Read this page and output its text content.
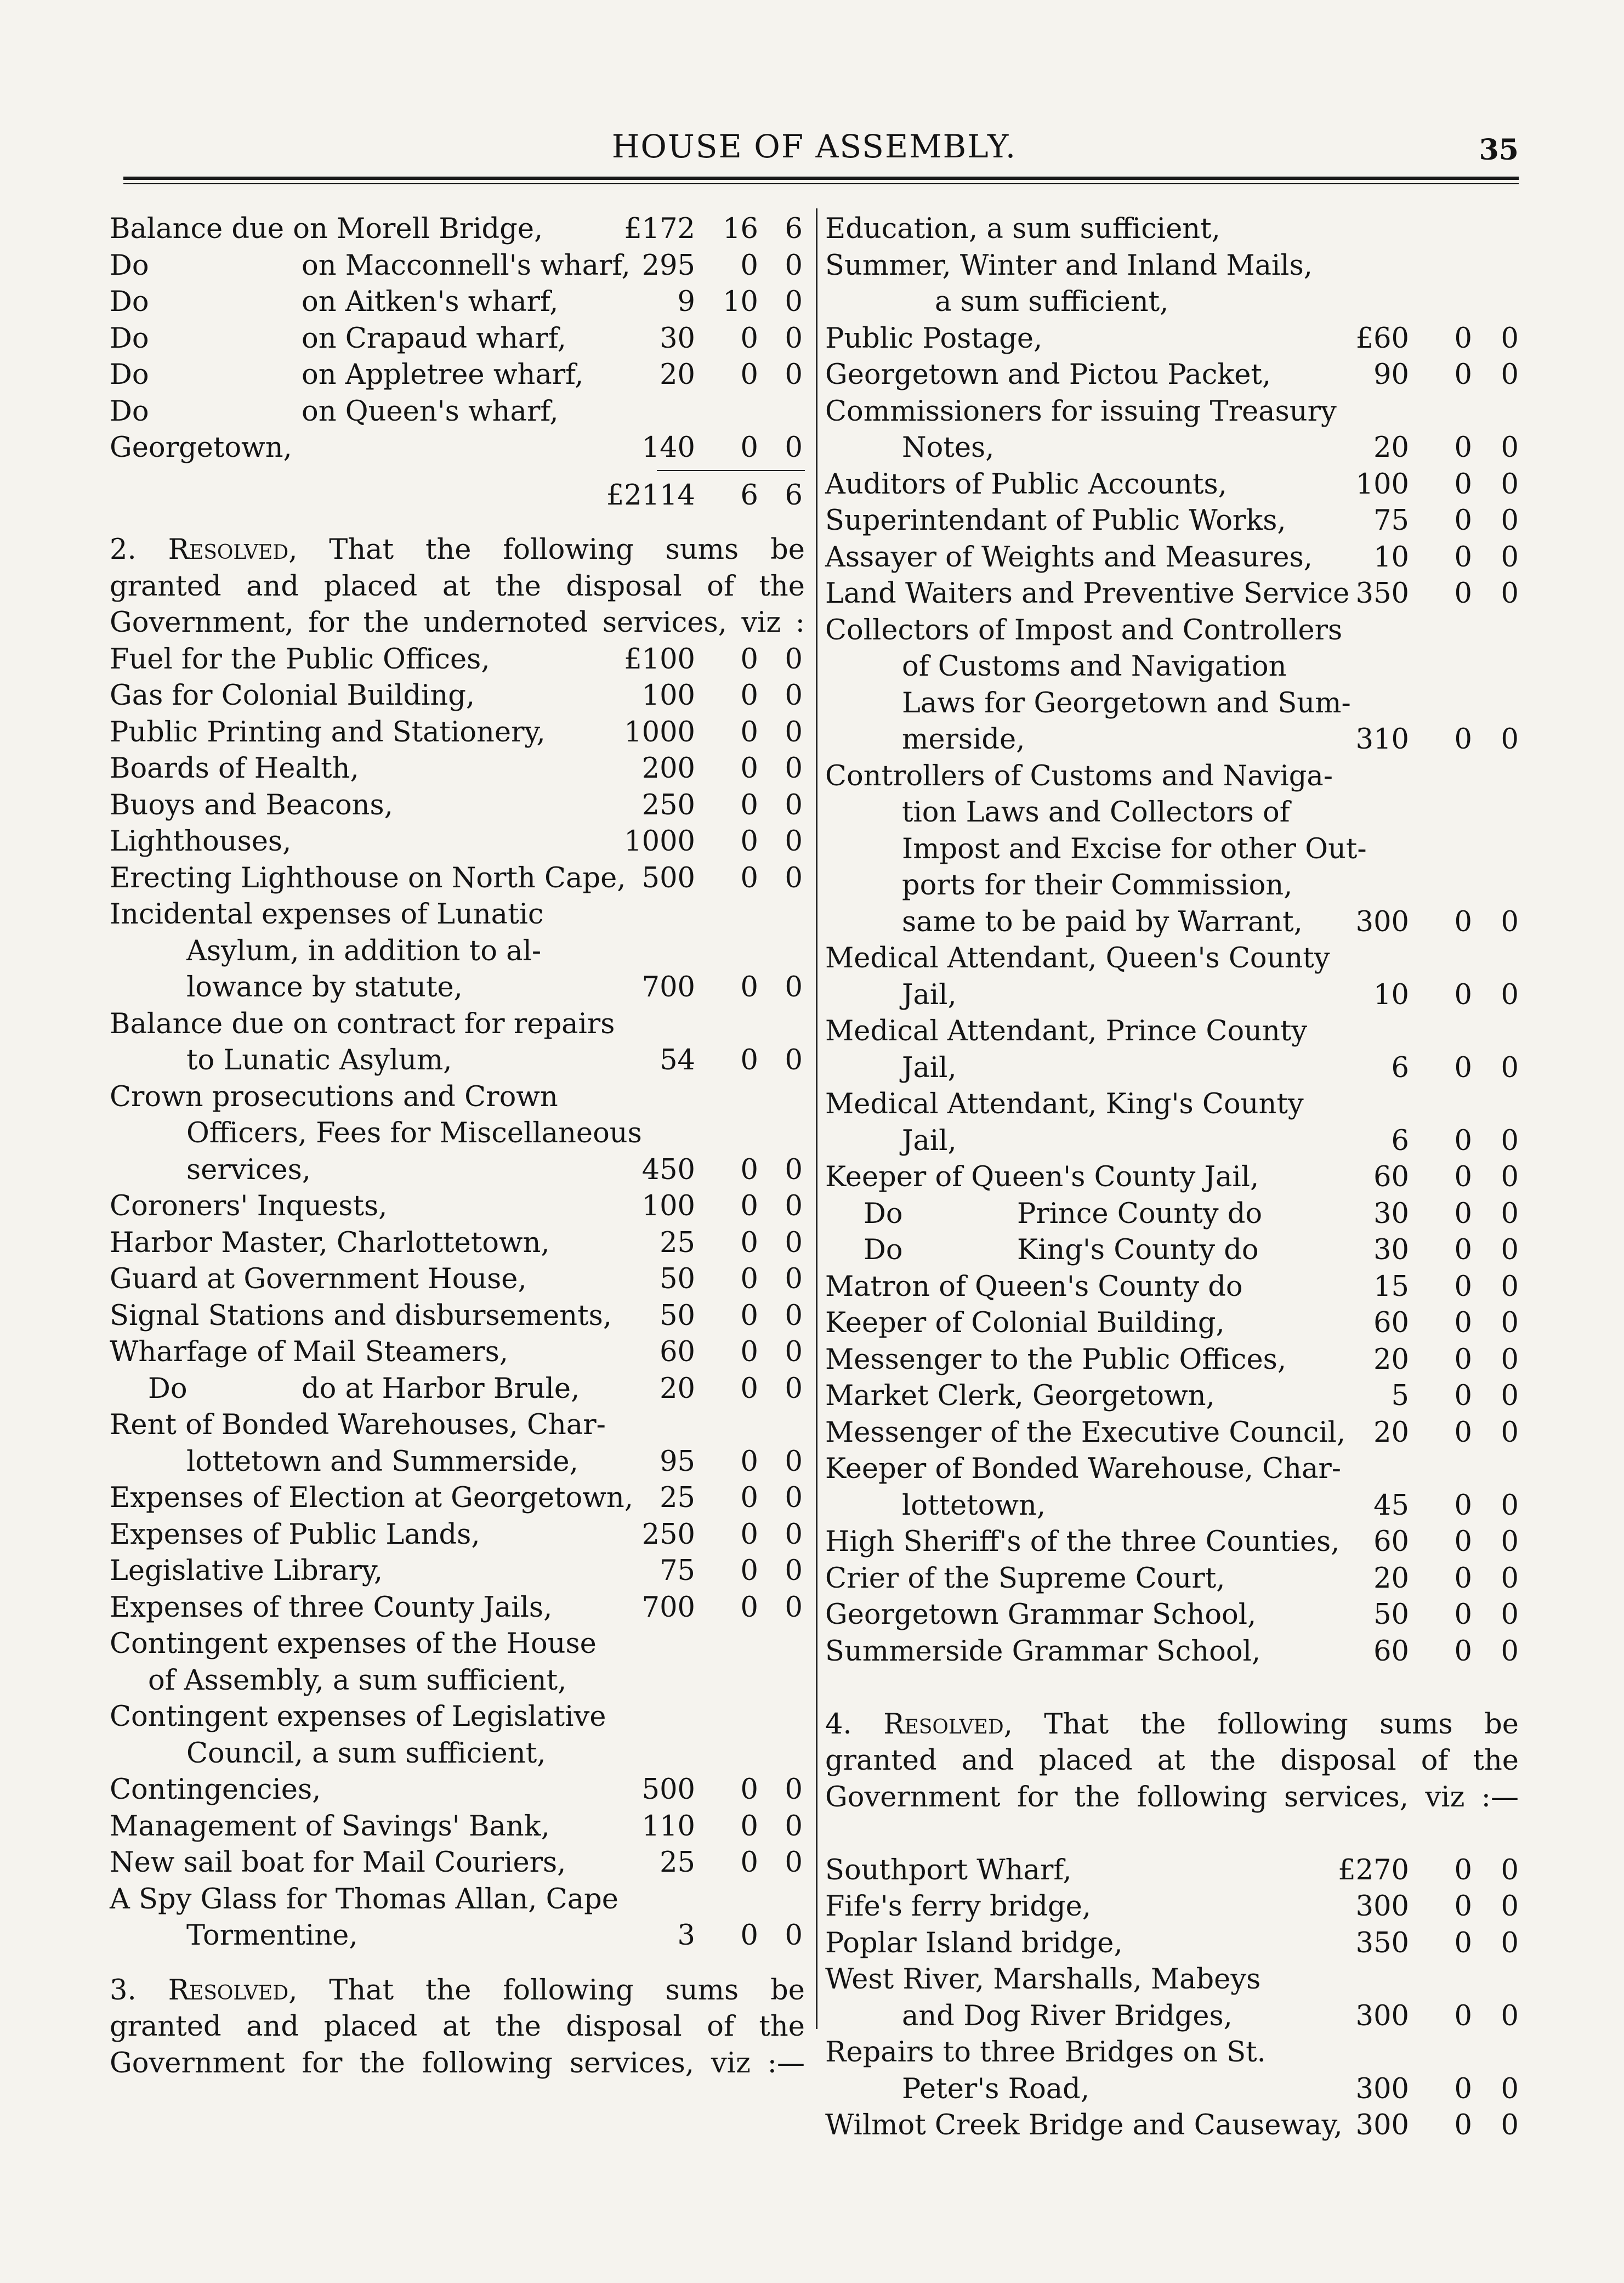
HOUSE OF ASSEMBLY.	35
Balance due on Morell Bridge,	£172 16 6
Do	on Macconnell's wharf, 295	0 0
Do	on Aitken's wharf,	9 10 0
Do	on Crapaud wharf,	30	0 0
Do	on Appletree wharf,	20	0 0
Do	on Queen's wharf,
Georgetown,	140	0 0
£2114	6 6
2. Resolved, That the following sums be
granted and placed at the disposal of the
Government, for the undernoted services, viz :
Fuel for the Public Offices,	£100	0 0
Gas for Colonial Building,	100	0 0
Public Printing and Stationery,	1000	0 0
Boards of Health,	200	0 0
Buoys and Beacons,	250	0 0
Lighthouses,	1000	0 0
Erecting Lighthouse on North Cape, 500	0 0
Incidental expenses of Lunatic
Asylum, in addition to al-
lowance by statute,	700	0 0
Balance due on contract for repairs
to Lunatic Asylum,	54	0 0
Crown prosecutions and Crown
Officers, Fees for Miscellaneous
services,	450	0 0
Coroners' Inquests,	100	0 0
Harbor Master, Charlottetown,	25	0 0
Guard at Government House,	50	0 0
Signal Stations and disbursements, 50	0 0
Wharfage of Mail Steamers,	60	0 0
Do	do at Harbor Brule,	20	0 0
Rent of Bonded Warehouses, Char-
lottetown and Summerside,	95	0 0
Expenses of Election at Georgetown, 25	0 0
Expenses of Public Lands,	250	0 0
Legislative Library,	75	0 0
Expenses of three County Jails,	700	0 0
Contingent expenses of the House
of Assembly, a sum sufficient,
Contingent expenses of Legislative
Council, a sum sufficient,
Contingencies,	500	0 0
Management of Savings' Bank,	110	0 0
New sail boat for Mail Couriers,	25	0 0
A Spy Glass for Thomas Allan, Cape
Tormentine,	3	0 0
3. Resolved, That the following sums be
granted and placed at the disposal of the
Government for the following services, viz :—
Education, a sum sufficient,
Summer, Winter and Inland Mails,
a sum sufficient,
Public Postage,	£60	0	0
Georgetown and Pictou Packet,	90	0	0
Commissioners for issuing Treasury
Notes,	20	0	0
Auditors of Public Accounts,	100	0	0
Superintendant of Public Works,	75	0	0
Assayer of Weights and Measures, 10	0	0
Land Waiters and Preventive Service 350	0	0
Collectors of Impost and Controllers
of Customs and Navigation
Laws for Georgetown and Sum-
merside,	310	0	0
Controllers of Customs and Naviga-
tion Laws and Collectors of
Impost and Excise for other Out-
ports for their Commission,
same to be paid by Warrant, 300	0	0
Medical Attendant, Queen's County
Jail,	10	0	0
Medical Attendant, Prince County
Jail,	6	0	0
Medical Attendant, King's County
Jail,	6	0	0
Keeper of Queen's County Jail,	60	0	0
Do	Prince County do	30	0	0
Do	King's County do	30	0	0
Matron of Queen's County do	15	0	0
Keeper of Colonial Building,	60	0	0
Messenger to the Public Offices,	20	0	0
Market Clerk, Georgetown,	5	0	0
Messenger of the Executive Council, 20	0	0
Keeper of Bonded Warehouse, Char-
lottetown,	45	0	0
High Sheriff's of the three Counties, 60	0	0
Crier of the Supreme Court,	20	0	0
Georgetown Grammar School,	50	0	0
Summerside Grammar School,	60	0	0
4. Resolved, That the following sums be
granted and placed at the disposal of the
Government for the following services, viz :—
Southport Wharf,	£270	0	0
Fife's ferry bridge,	300	0	0
Poplar Island bridge,	350	0	0
West River, Marshalls, Mabeys
and Dog River Bridges,	300	0	0
Repairs to three Bridges on St.
Peter's Road,	300	0	0
Wilmot Creek Bridge and Causeway, 300	0	0
